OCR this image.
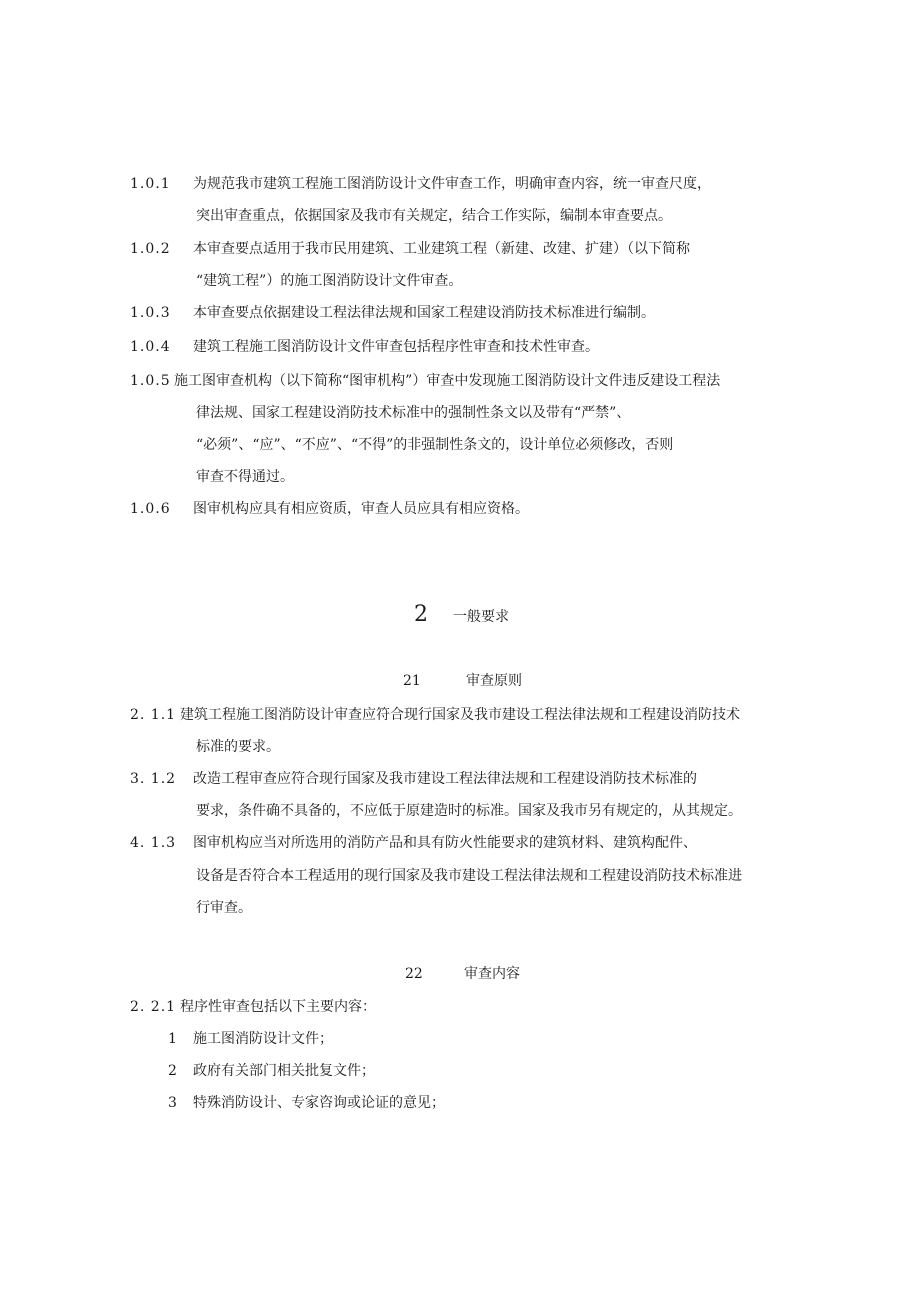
1.0.1 为规范我市建筑工程施工图消防设计文件审查工作，明确审查内容，统一审查尺度，
突出审查重点，依据国家及我市有关规定，结合工作实际，编制本审查要点。
1.0.2 本审查要点适用于我市民用建筑、工业建筑工程（新建、改建、扩建）（以下简称
“建筑工程”）的施工图消防设计文件审查。
1.0.3 本审查要点依据建设工程法律法规和国家工程建设消防技术标准进行编制。
1.0.4 建筑工程施工图消防设计文件审查包括程序性审查和技术性审查。
1.0.5 施工图审查机构（以下简称“图审机构”）审查中发现施工图消防设计文件违反建设工程法
律法规、国家工程建设消防技术标准中的强制性条文以及带有“严禁”、
“必须”、“应”、“不应”、“不得”的非强制性条文的，设计单位必须修改，否则
审查不得通过。
1.0.6 图审机构应具有相应资质，审查人员应具有相应资格。
2 一般要求
21	审查原则
2. 1.1 建筑工程施工图消防设计审查应符合现行国家及我市建设工程法律法规和工程建设消防技术
标准的要求。
3. 1.2 改造工程审查应符合现行国家及我市建设工程法律法规和工程建设消防技术标准的
要求，条件确不具备的，不应低于原建造时的标准。国家及我市另有规定的，从其规定。
4. 1.3 图审机构应当对所选用的消防产品和具有防火性能要求的建筑材料、建筑构配件、
设备是否符合本工程适用的现行国家及我市建设工程法律法规和工程建设消防技术标准进
行审查。
22	审查内容
2. 2.1 程序性审查包括以下主要内容：
1 施工图消防设计文件；
2 政府有关部门相关批复文件；
3 特殊消防设计、专家咨询或论证的意见；
